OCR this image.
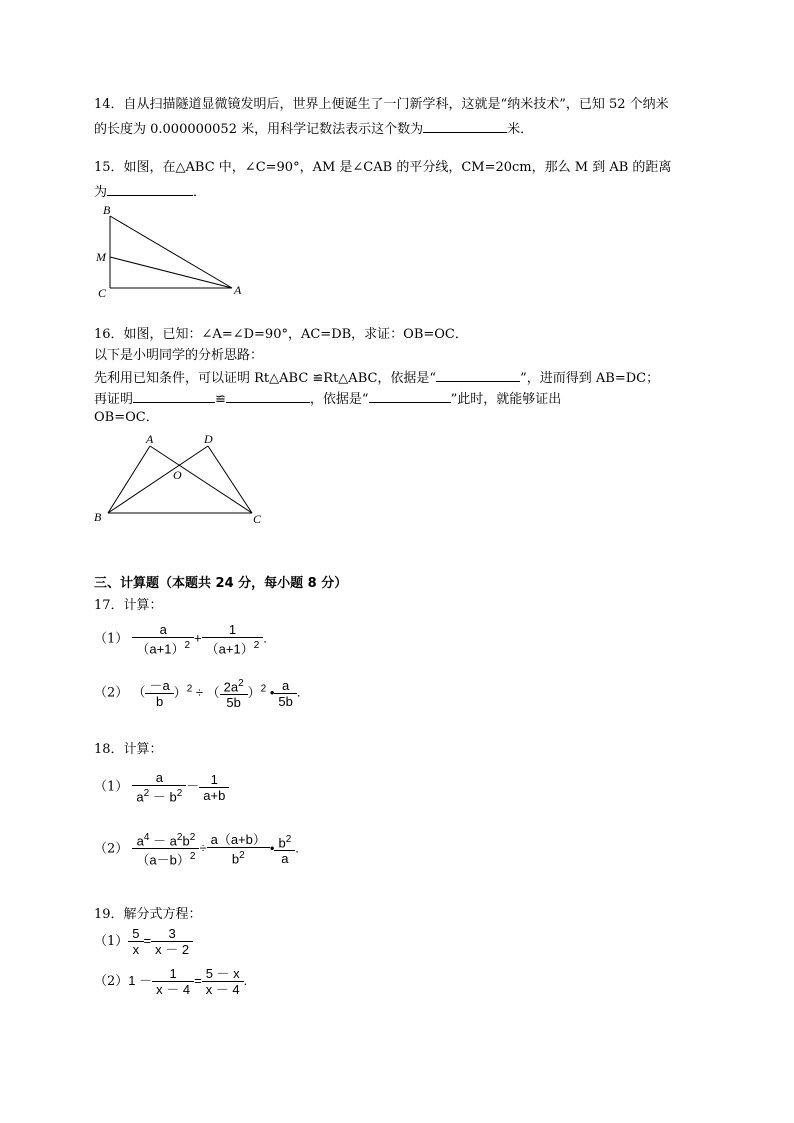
14．自从扫描隧道显微镜发明后，世界上便诞生了一门新学科，这就是“纳米技术”，已知 52 个纳米
的长度为 0.000000052 米，用科学记数法表示这个数为	米．
15．如图，在△ABC 中，∠C=90°，AM 是∠CAB 的平分线，CM=20cm，那么 M 到 AB 的距离
为	．
B
M
C	A
16．如图，已知：∠A=∠D=90°，AC=DB，求证：OB=OC．
以下是小明同学的分析思路：
先利用已知条件，可以证明 Rt△ABC ≌Rt△ABC，依据是“	”，进而得到 AB=DC；
再证明	≌	，依据是“	”此时，就能够证出
OB=OC．
A	D
O
B	C
三、计算题（本题共 24 分，每小题 8 分）
17．计算：
$(1) \frac{a}{(a+1)^2} + \frac{1}{(a+1)^2}$ .
（2） （ $\frac{-a}{b} )^2$ ÷ （ $\frac{2a^2}{5b} )^2$ • $\frac{a}{5b}$ .
18．计算：
$(1) \frac{a}{a^2 - b^2} - \frac{1}{a+b}$
$(2) \frac{a^4 - a^2b^2}{(a-b)^2} \div \frac{a(a+b)}{b^2}$ • $\frac{b^2}{a}$ .
19．解分式方程：
$(1) \frac{5}{x} = \frac{3}{x - 2}$
$(2)1 - \frac{1}{x - 4} = \frac{5 - x}{x - 4}$ .
